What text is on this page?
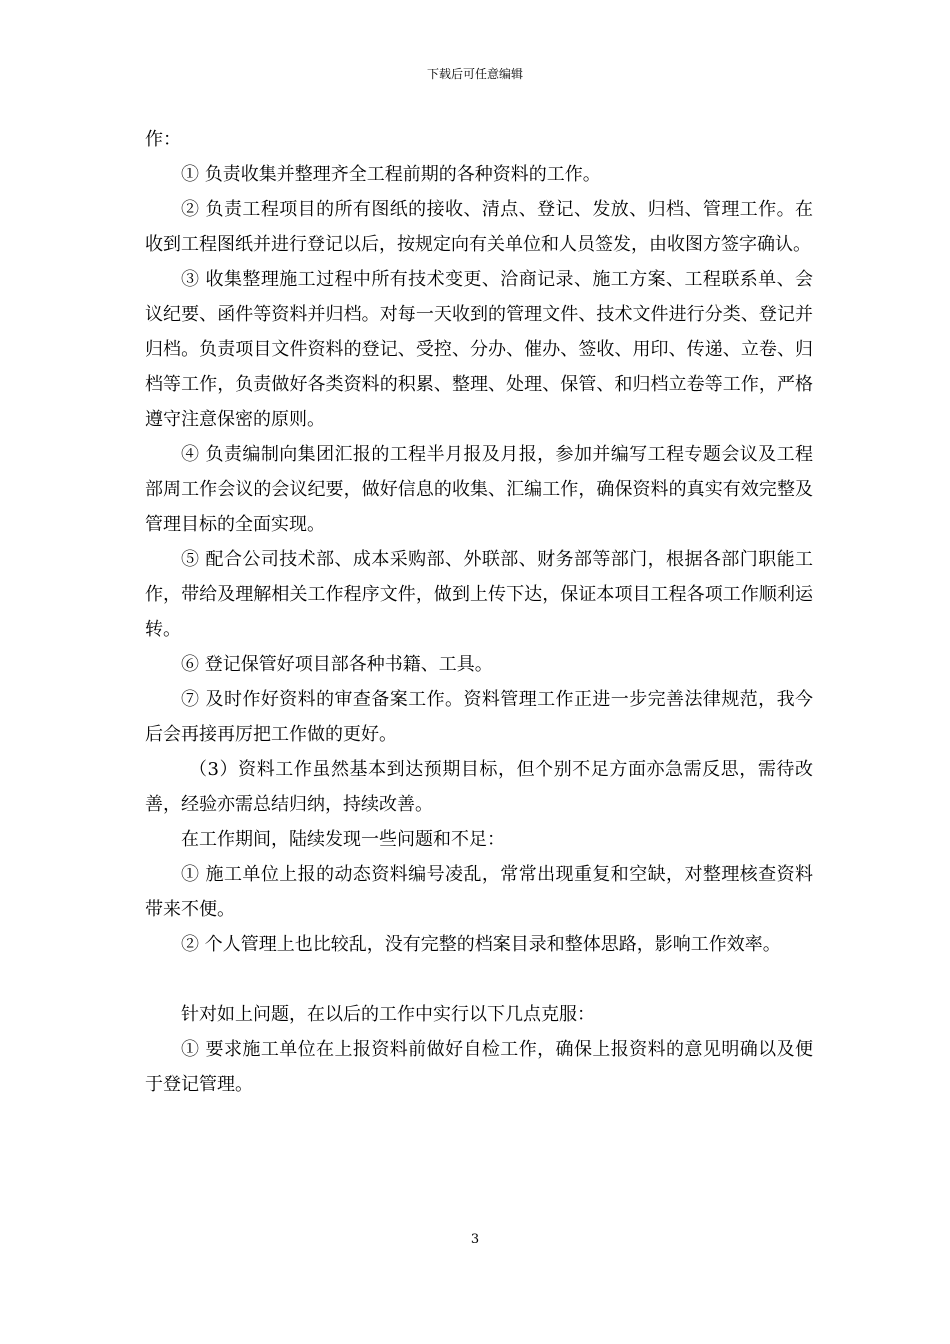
下载后可任意编辑

作：

① 负责收集并整理齐全工程前期的各种资料的工作。

② 负责工程项目的所有图纸的接收、清点、登记、发放、归档、管理工作。在收到工程图纸并进行登记以后，按规定向有关单位和人员签发，由收图方签字确认。

③ 收集整理施工过程中所有技术变更、洽商记录、施工方案、工程联系单、会议纪要、函件等资料并归档。对每一天收到的管理文件、技术文件进行分类、登记并归档。负责项目文件资料的登记、受控、分办、催办、签收、用印、传递、立卷、归档等工作，负责做好各类资料的积累、整理、处理、保管、和归档立卷等工作，严格遵守注意保密的原则。

④ 负责编制向集团汇报的工程半月报及月报，参加并编写工程专题会议及工程部周工作会议的会议纪要，做好信息的收集、汇编工作，确保资料的真实有效完整及管理目标的全面实现。

⑤ 配合公司技术部、成本采购部、外联部、财务部等部门，根据各部门职能工作，带给及理解相关工作程序文件，做到上传下达，保证本项目工程各项工作顺利运转。

⑥ 登记保管好项目部各种书籍、工具。

⑦ 及时作好资料的审查备案工作。资料管理工作正进一步完善法律规范，我今后会再接再厉把工作做的更好。

（3）资料工作虽然基本到达预期目标，但个别不足方面亦急需反思，需待改善，经验亦需总结归纳，持续改善。

在工作期间，陆续发现一些问题和不足：

① 施工单位上报的动态资料编号凌乱，常常出现重复和空缺，对整理核查资料带来不便。

② 个人管理上也比较乱，没有完整的档案目录和整体思路，影响工作效率。

针对如上问题，在以后的工作中实行以下几点克服：

① 要求施工单位在上报资料前做好自检工作，确保上报资料的意见明确以及便于登记管理。

3
